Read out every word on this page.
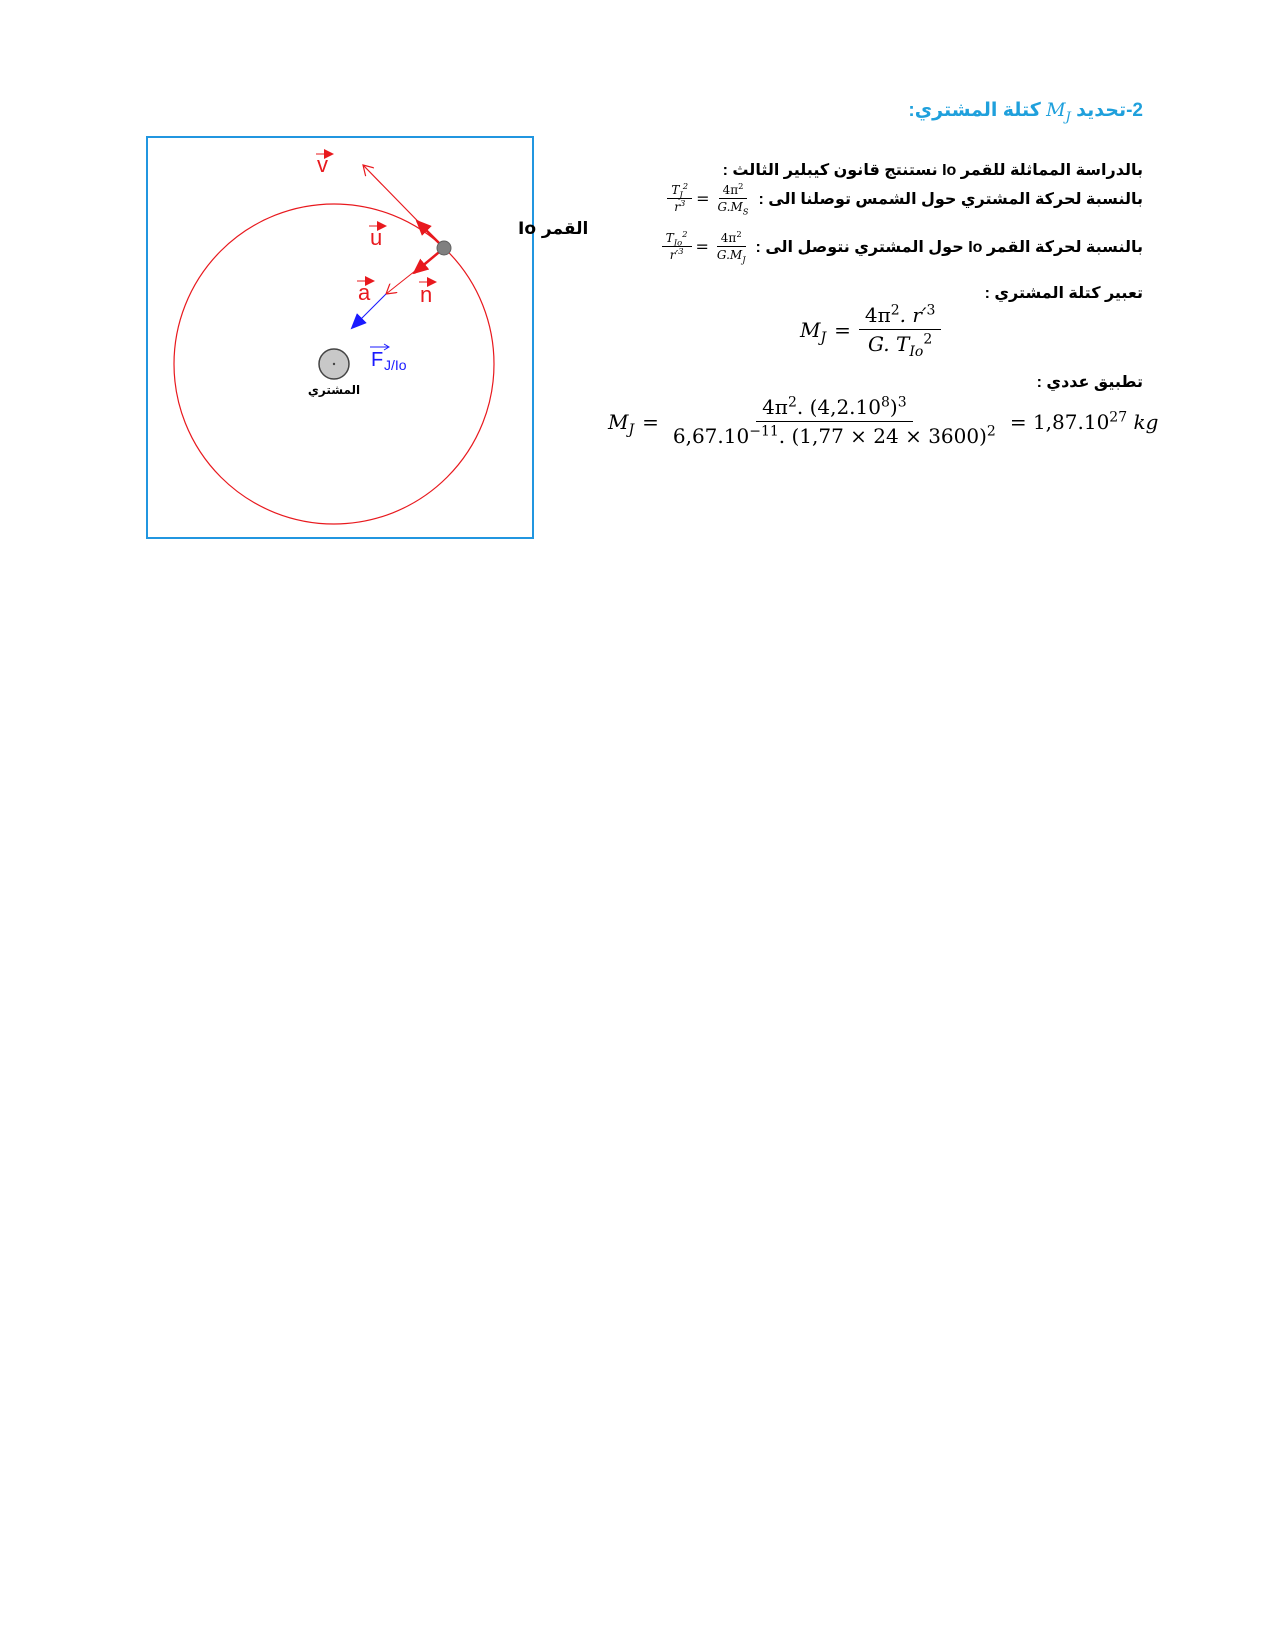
2-تحديد $M_J$ كتلة المشتري:
بالدراسة المماثلة للقمر Io نستنتج قانون كيبلير الثالث :
$\frac{T_J^2}{r^3} = \frac{4\pi^2}{G.M_S}$ بالنسبة لحركة المشتري حول الشمس توصلنا الى :
$\frac{T_{Io}^2}{r'^3} = \frac{4\pi^2}{G.M_J}$ بالنسبة لحركة القمر Io حول المشتري نتوصل الى :
تعبير كتلة المشتري :
$M_J = \frac{4\pi^2. r'^3}{G. T_{Io}^2}$
تطبيق عددي :
$M_J = \frac{4\pi^2. (4,2.10^8)^3}{6,67.10^{-11}. (1,77 \times 24 \times 3600)^2} = 1,87.10^{27}$ kg
v
u
a n
F J/Io
القمر Io
المشتري
